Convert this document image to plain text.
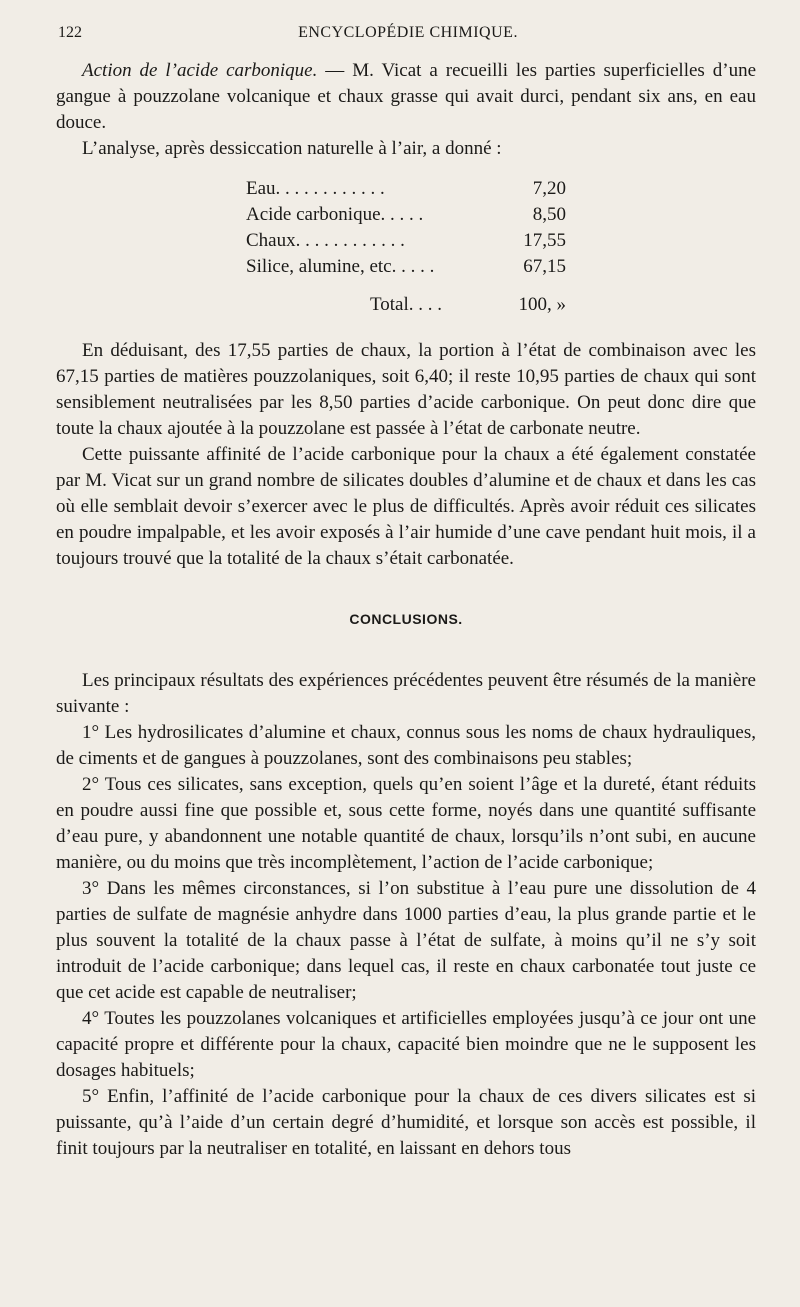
122	ENCYCLOPÉDIE CHIMIQUE.

Action de l’acide carbonique. — M. Vicat a recueilli les parties superficielles d’une gangue à pouzzolane volcanique et chaux grasse qui avait durci, pendant six ans, en eau douce.

L’analyse, après dessiccation naturelle à l’air, a donné :

Eau. . . . . . . . . . . .	7,20
Acide carbonique. . . . .	8,50
Chaux. . . . . . . . . . . .	17,55
Silice, alumine, etc. . . . .	67,15
Total. . . .	100, »

En déduisant, des 17,55 parties de chaux, la portion à l’état de combinaison avec les 67,15 parties de matières pouzzolaniques, soit 6,40; il reste 10,95 parties de chaux qui sont sensiblement neutralisées par les 8,50 parties d’acide carbonique. On peut donc dire que toute la chaux ajoutée à la pouzzolane est passée à l’état de carbonate neutre.

Cette puissante affinité de l’acide carbonique pour la chaux a été également constatée par M. Vicat sur un grand nombre de silicates doubles d’alumine et de chaux et dans les cas où elle semblait devoir s’exercer avec le plus de difficultés. Après avoir réduit ces silicates en poudre impalpable, et les avoir exposés à l’air humide d’une cave pendant huit mois, il a toujours trouvé que la totalité de la chaux s’était carbonatée.

CONCLUSIONS.

Les principaux résultats des expériences précédentes peuvent être résumés de la manière suivante :

1° Les hydrosilicates d’alumine et chaux, connus sous les noms de chaux hydrauliques, de ciments et de gangues à pouzzolanes, sont des combinaisons peu stables;

2° Tous ces silicates, sans exception, quels qu’en soient l’âge et la dureté, étant réduits en poudre aussi fine que possible et, sous cette forme, noyés dans une quantité suffisante d’eau pure, y abandonnent une notable quantité de chaux, lorsqu’ils n’ont subi, en aucune manière, ou du moins que très incomplètement, l’action de l’acide carbonique;

3° Dans les mêmes circonstances, si l’on substitue à l’eau pure une dissolution de 4 parties de sulfate de magnésie anhydre dans 1000 parties d’eau, la plus grande partie et le plus souvent la totalité de la chaux passe à l’état de sulfate, à moins qu’il ne s’y soit introduit de l’acide carbonique; dans lequel cas, il reste en chaux carbonatée tout juste ce que cet acide est capable de neutraliser;

4° Toutes les pouzzolanes volcaniques et artificielles employées jusqu’à ce jour ont une capacité propre et différente pour la chaux, capacité bien moindre que ne le supposent les dosages habituels;

5° Enfin, l’affinité de l’acide carbonique pour la chaux de ces divers silicates est si puissante, qu’à l’aide d’un certain degré d’humidité, et lorsque son accès est possible, il finit toujours par la neutraliser en totalité, en laissant en dehors tous
